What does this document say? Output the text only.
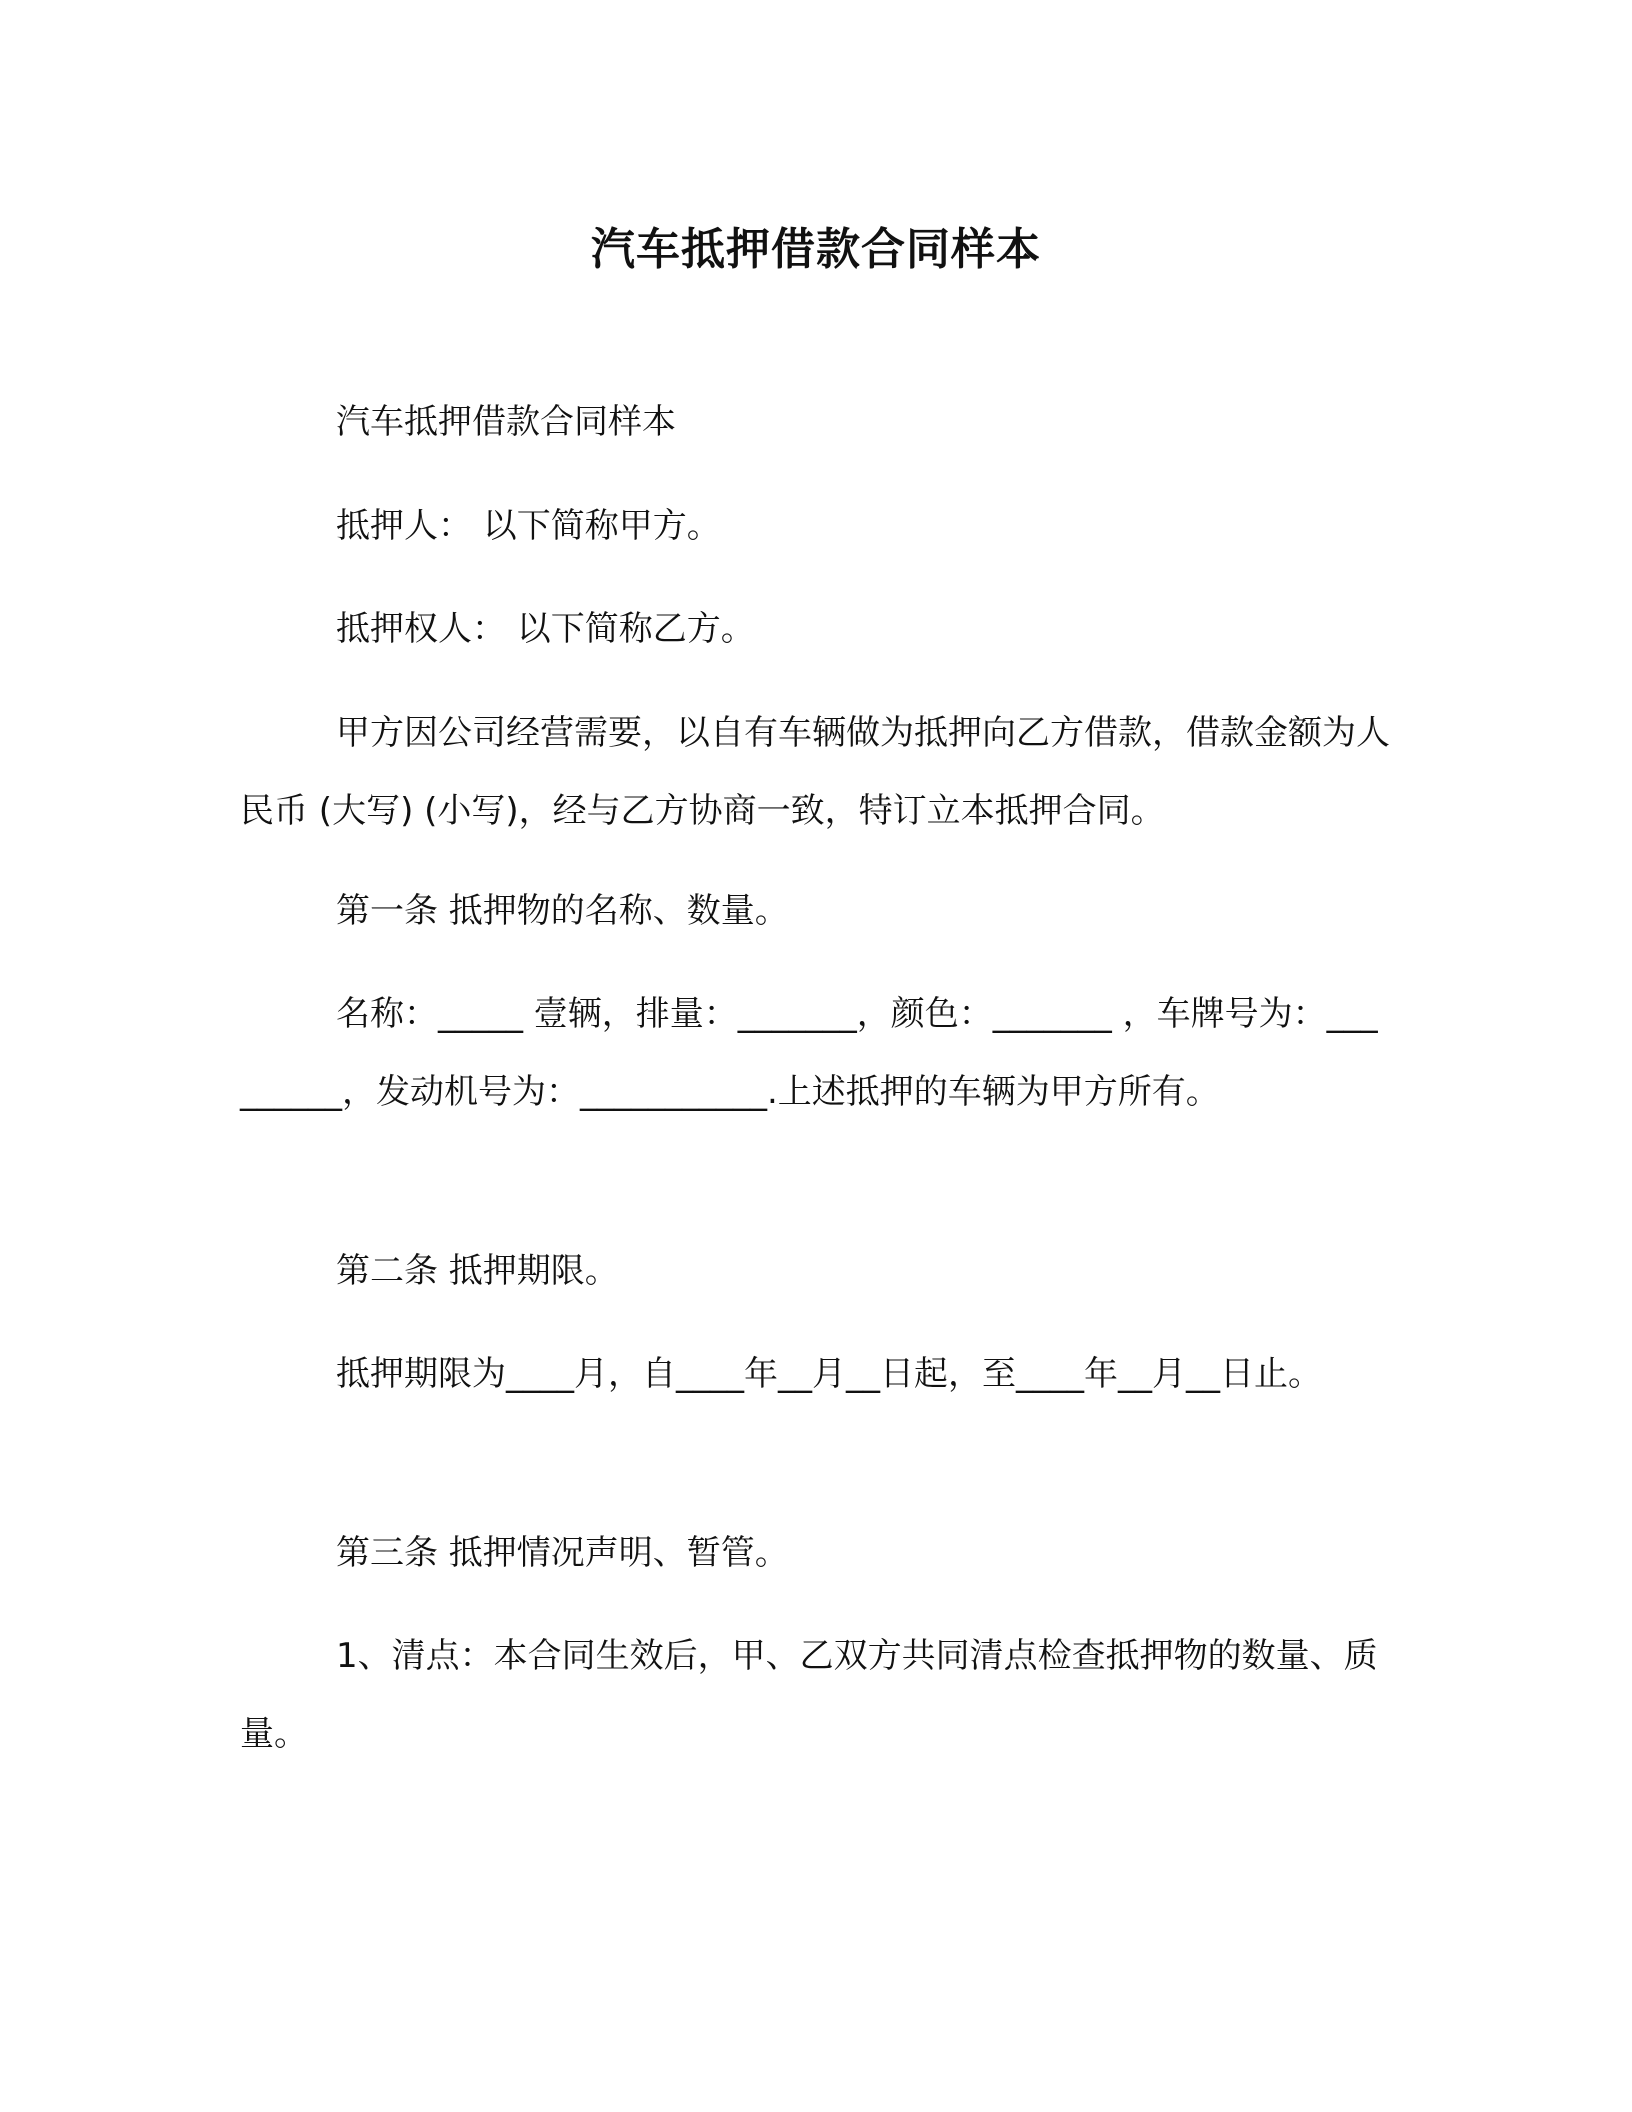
汽车抵押借款合同样本
汽车抵押借款合同样本
抵押人： 以下简称甲方。
抵押权人： 以下简称乙方。
甲方因公司经营需要，以自有车辆做为抵押向乙方借款，借款金额为人民币 (大写) (小写)，经与乙方协商一致，特订立本抵押合同。
第一条 抵押物的名称、数量。
名称：_____ 壹辆，排量：_______，颜色：_______ ，车牌号为：_________，发动机号为：___________.上述抵押的车辆为甲方所有。
第二条 抵押期限。
抵押期限为____月，自____年__月__日起，至____年__月__日止。
第三条 抵押情况声明、暂管。
1、清点：本合同生效后，甲、乙双方共同清点检查抵押物的数量、质量。
